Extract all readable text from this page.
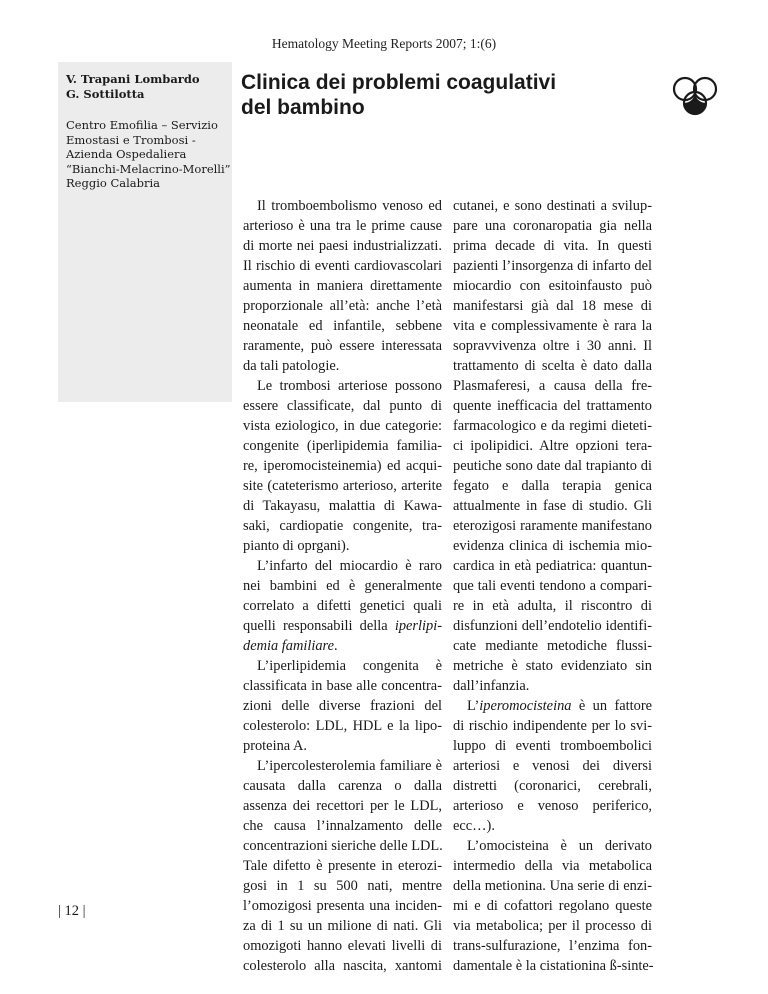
Hematology Meeting Reports 2007; 1:(6)
V. Trapani Lombardo
G. Sottilotta
Centro Emofilia – Servizio
Emostasi e Trombosi -
Azienda Ospedaliera
“Bianchi-Melacrino-Morelli”
Reggio Calabria
Clinica dei problemi coagulativi
del bambino
Il tromboembolismo venoso ed
arterioso è una tra le prime cause
di morte nei paesi industrializzati.
Il rischio di eventi cardiovascolari
aumenta in maniera direttamente
proporzionale all’età: anche l’età
neonatale ed infantile, sebbene
raramente, può essere interessata
da tali patologie.
Le trombosi arteriose possono
essere classificate, dal punto di
vista eziologico, in due categorie:
congenite (iperlipidemia familia-
re, iperomocisteinemia) ed acqui-
site (cateterismo arterioso, arterite
di Takayasu, malattia di Kawa-
saki, cardiopatie congenite, tra-
pianto di oprgani).
L’infarto del miocardio è raro
nei bambini ed è generalmente
correlato a difetti genetici quali
quelli responsabili della iperlipi-
demia familiare.
L’iperlipidemia congenita è
classificata in base alle concentra-
zioni delle diverse frazioni del
colesterolo: LDL, HDL e la lipo-
proteina A.
L’ipercolesterolemia familiare è
causata dalla carenza o dalla
assenza dei recettori per le LDL,
che causa l’innalzamento delle
concentrazioni sieriche delle LDL.
Tale difetto è presente in eterozi-
gosi in 1 su 500 nati, mentre
l’omozigosi presenta una inciden-
za di 1 su un milione di nati. Gli
omozigoti hanno elevati livelli di
colesterolo alla nascita, xantomi
cutanei, e sono destinati a svilup-
pare una coronaropatia gia nella
prima decade di vita. In questi
pazienti l’insorgenza di infarto del
miocardio con esitoinfausto può
manifestarsi già dal 18 mese di
vita e complessivamente è rara la
sopravvivenza oltre i 30 anni. Il
trattamento di scelta è dato dalla
Plasmaferesi, a causa della fre-
quente inefficacia del trattamento
farmacologico e da regimi dieteti-
ci ipolipidici. Altre opzioni tera-
peutiche sono date dal trapianto di
fegato e dalla terapia genica
attualmente in fase di studio. Gli
eterozigosi raramente manifestano
evidenza clinica di ischemia mio-
cardica in età pediatrica: quantun-
que tali eventi tendono a compari-
re in età adulta, il riscontro di
disfunzioni dell’endotelio identifi-
cate mediante metodiche flussi-
metriche è stato evidenziato sin
dall’infanzia.
L’iperomocisteina è un fattore
di rischio indipendente per lo svi-
luppo di eventi tromboembolici
arteriosi e venosi dei diversi
distretti (coronarici, cerebrali,
arterioso e venoso periferico,
ecc…).
L’omocisteina è un derivato
intermedio della via metabolica
della metionina. Una serie di enzi-
mi e di cofattori regolano queste
via metabolica; per il processo di
trans-sulfurazione, l’enzima fon-
damentale è la cistationina ß-sinte-
| 12 |
